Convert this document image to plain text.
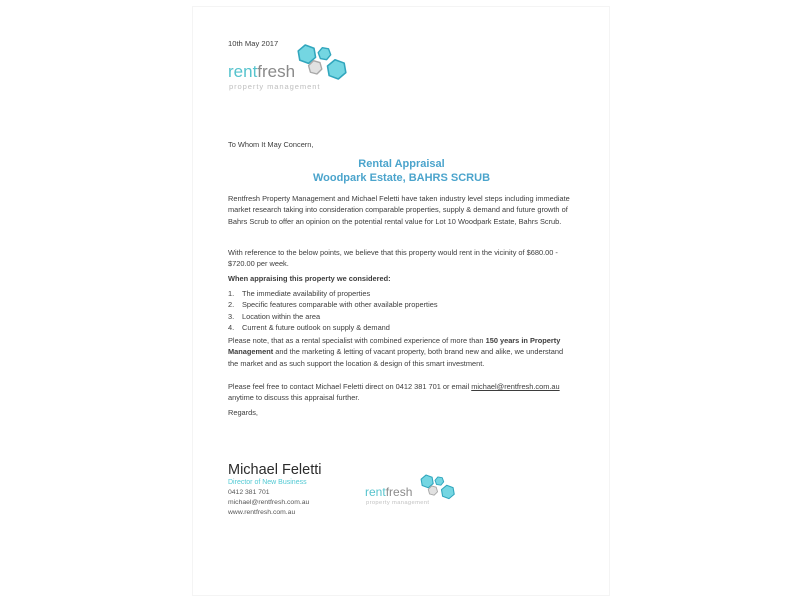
10th May 2017
rentfresh
property management
To Whom It May Concern,
Rental Appraisal
Woodpark Estate, BAHRS SCRUB
Rentfresh Property Management and Michael Feletti have taken industry level steps including immediate market research taking into consideration comparable properties, supply & demand and future growth of Bahrs Scrub to offer an opinion on the potential rental value for Lot 10 Woodpark Estate, Bahrs Scrub.
With reference to the below points, we believe that this property would rent in the vicinity of $680.00 - $720.00 per week.
When appraising this property we considered:
1.	The immediate availability of properties
2.	Specific features comparable with other available properties
3.	Location within the area
4.	Current & future outlook on supply & demand
Please note, that as a rental specialist with combined experience of more than 150 years in Property Management and the marketing & letting of vacant property, both brand new and alike, we understand the market and as such support the location & design of this smart investment.
Please feel free to contact Michael Feletti direct on 0412 381 701 or email michael@rentfresh.com.au anytime to discuss this appraisal further.
Regards,
Michael Feletti
Director of New Business
0412 381 701
michael@rentfresh.com.au
www.rentfresh.com.au
rentfresh
property management
